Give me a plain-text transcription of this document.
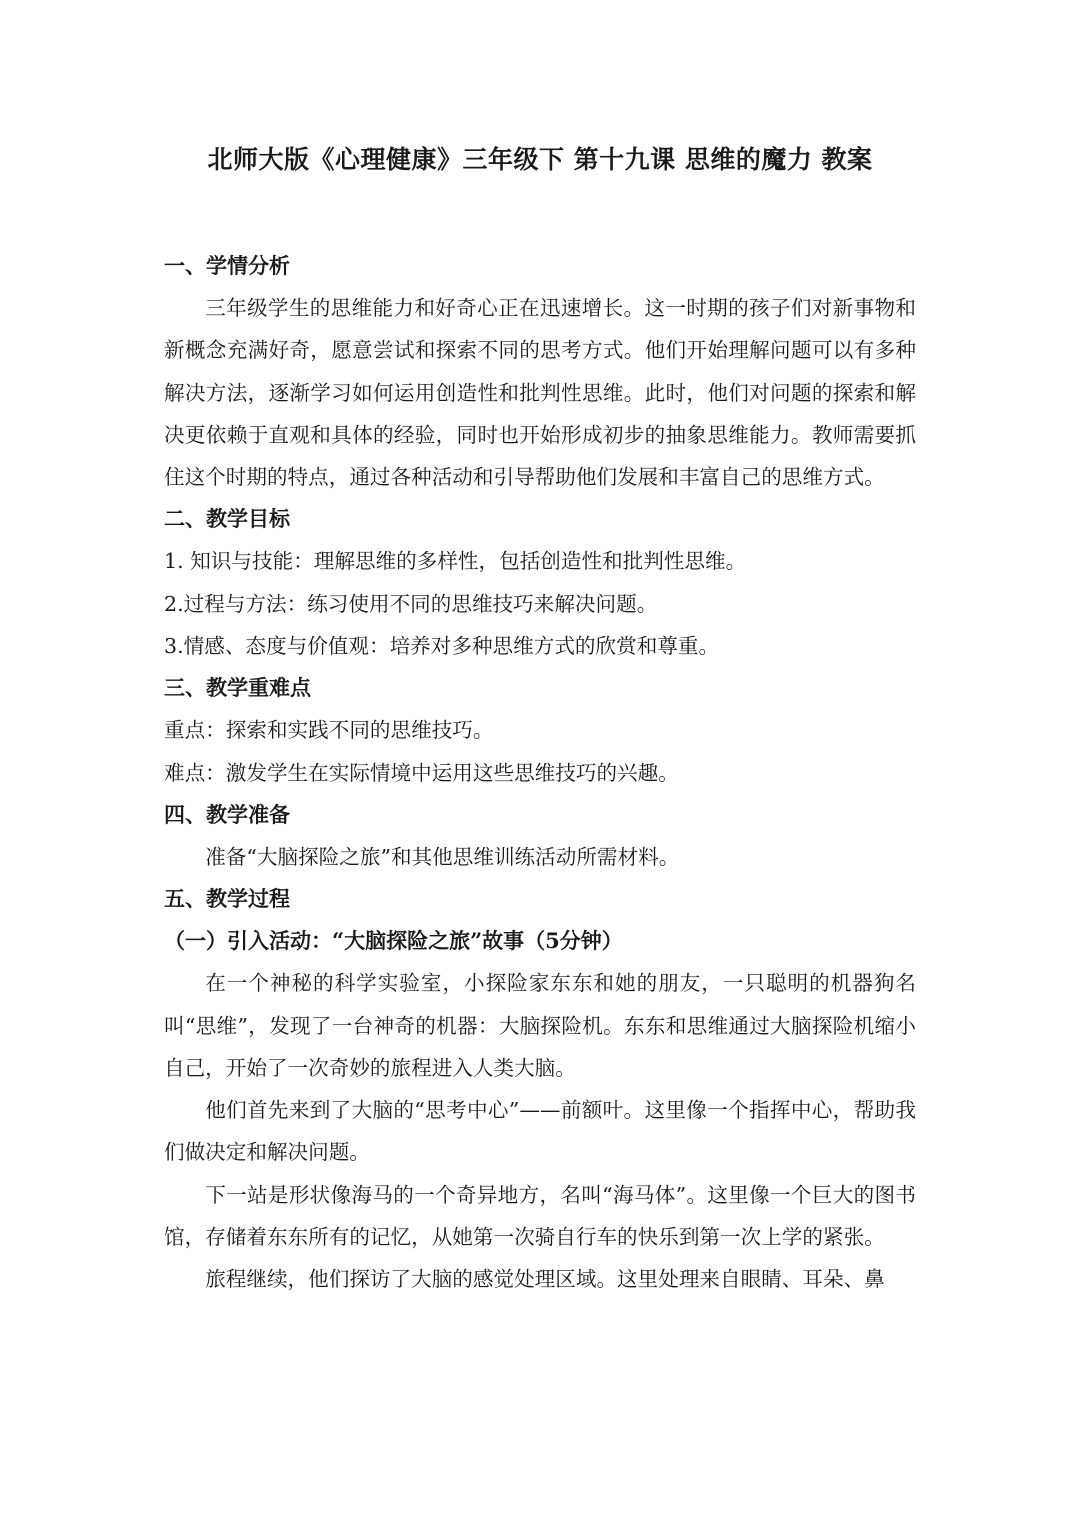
北师大版《心理健康》三年级下 第十九课 思维的魔力 教案
一、学情分析
三年级学生的思维能力和好奇心正在迅速增长。这一时期的孩子们对新事物和新概念充满好奇，愿意尝试和探索不同的思考方式。他们开始理解问题可以有多种解决方法，逐渐学习如何运用创造性和批判性思维。此时，他们对问题的探索和解决更依赖于直观和具体的经验，同时也开始形成初步的抽象思维能力。教师需要抓住这个时期的特点，通过各种活动和引导帮助他们发展和丰富自己的思维方式。
二、教学目标
1. 知识与技能：理解思维的多样性，包括创造性和批判性思维。
2.过程与方法：练习使用不同的思维技巧来解决问题。
3.情感、态度与价值观：培养对多种思维方式的欣赏和尊重。
三、教学重难点
重点：探索和实践不同的思维技巧。
难点：激发学生在实际情境中运用这些思维技巧的兴趣。
四、教学准备
准备“大脑探险之旅”和其他思维训练活动所需材料。
五、教学过程
（一）引入活动：“大脑探险之旅”故事（5分钟）
在一个神秘的科学实验室，小探险家东东和她的朋友，一只聪明的机器狗名叫“思维”，发现了一台神奇的机器：大脑探险机。东东和思维通过大脑探险机缩小自己，开始了一次奇妙的旅程进入人类大脑。
他们首先来到了大脑的“思考中心”——前额叶。这里像一个指挥中心，帮助我们做决定和解决问题。
下一站是形状像海马的一个奇异地方，名叫“海马体”。这里像一个巨大的图书馆，存储着东东所有的记忆，从她第一次骑自行车的快乐到第一次上学的紧张。
旅程继续，他们探访了大脑的感觉处理区域。这里处理来自眼睛、耳朵、鼻
